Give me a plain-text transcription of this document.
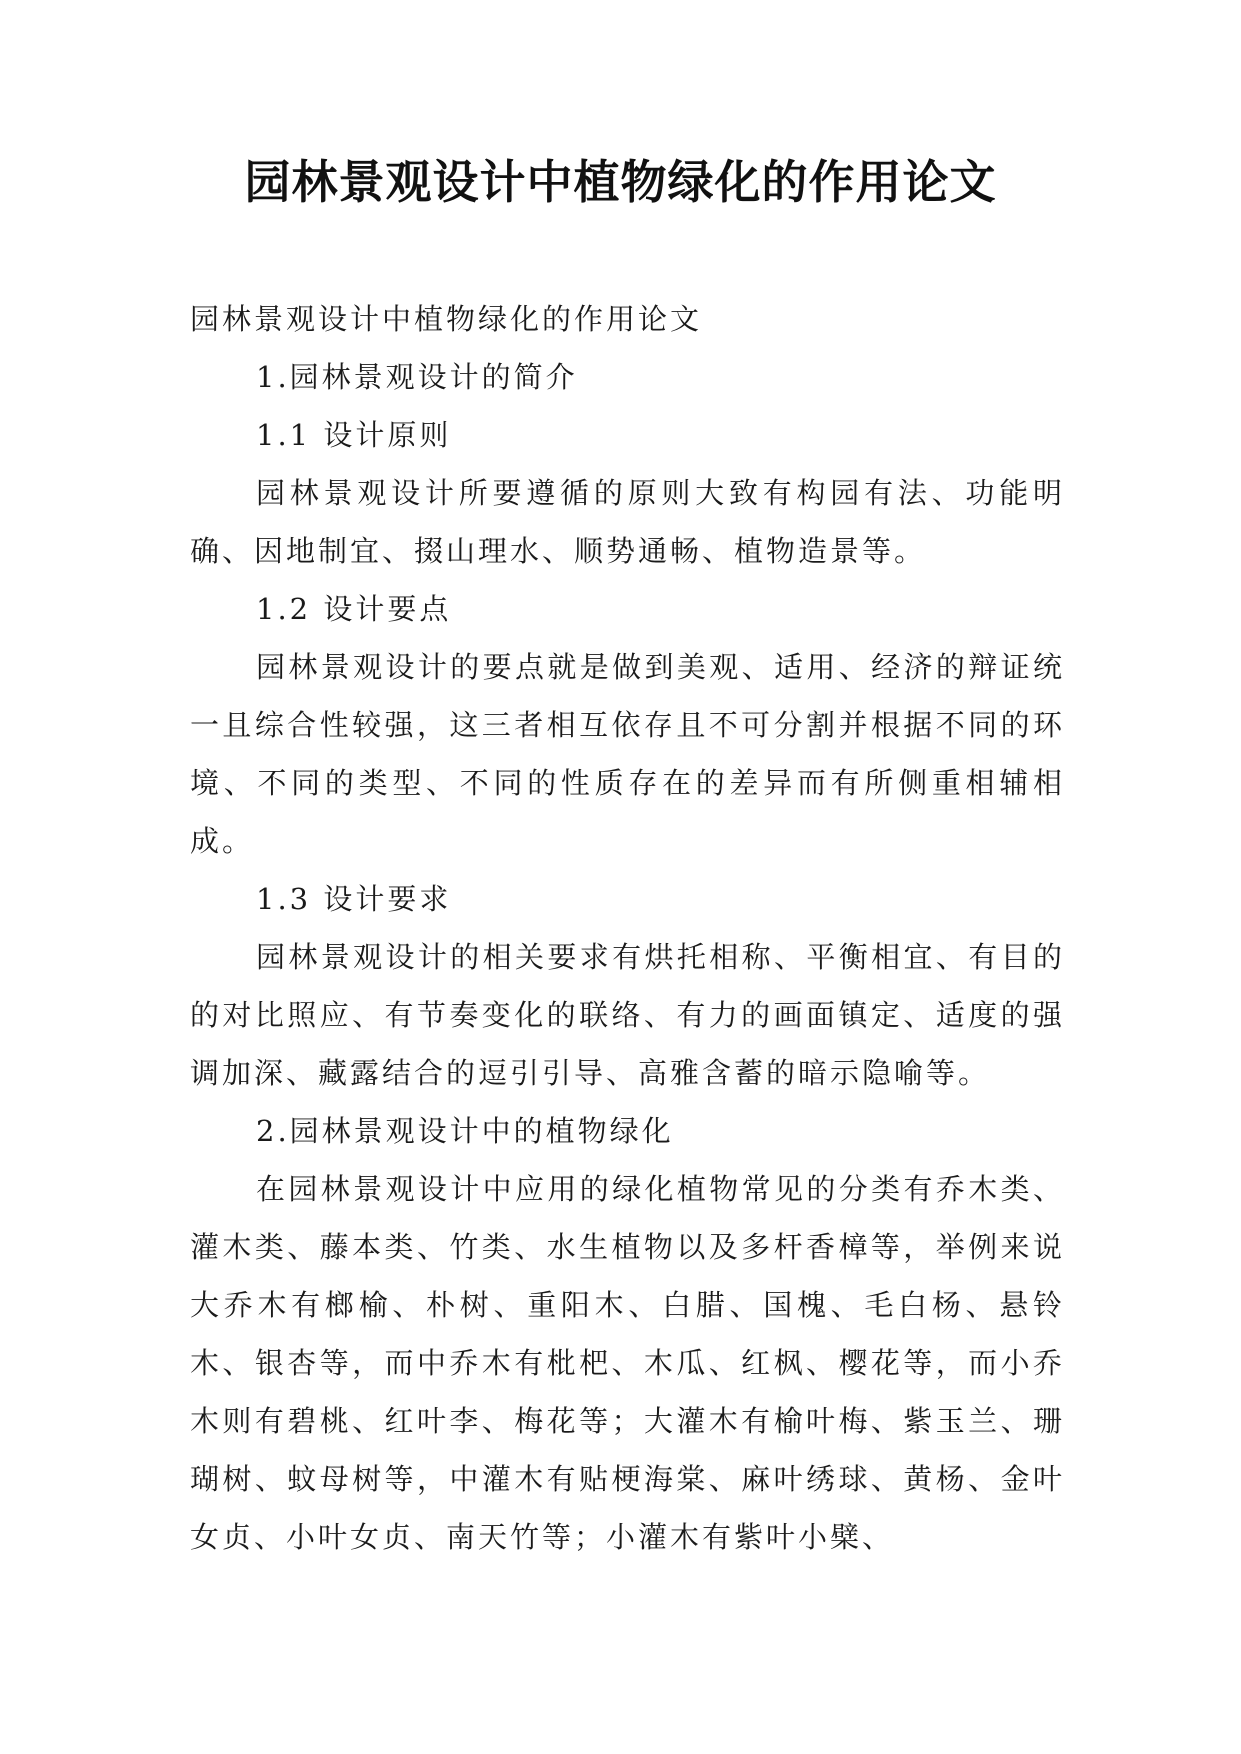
园林景观设计中植物绿化的作用论文

园林景观设计中植物绿化的作用论文

1.园林景观设计的简介

1.1 设计原则

园林景观设计所要遵循的原则大致有构园有法、功能明确、因地制宜、掇山理水、顺势通畅、植物造景等。

1.2 设计要点

园林景观设计的要点就是做到美观、适用、经济的辩证统一且综合性较强，这三者相互依存且不可分割并根据不同的环境、不同的类型、不同的性质存在的差异而有所侧重相辅相成。

1.3 设计要求

园林景观设计的相关要求有烘托相称、平衡相宜、有目的的对比照应、有节奏变化的联络、有力的画面镇定、适度的强调加深、藏露结合的逗引引导、高雅含蓄的暗示隐喻等。

2.园林景观设计中的植物绿化

在园林景观设计中应用的绿化植物常见的分类有乔木类、灌木类、藤本类、竹类、水生植物以及多杆香樟等，举例来说大乔木有榔榆、朴树、重阳木、白腊、国槐、毛白杨、悬铃木、银杏等，而中乔木有枇杷、木瓜、红枫、樱花等，而小乔木则有碧桃、红叶李、梅花等；大灌木有榆叶梅、紫玉兰、珊瑚树、蚊母树等，中灌木有贴梗海棠、麻叶绣球、黄杨、金叶女贞、小叶女贞、南天竹等；小灌木有紫叶小檗、
